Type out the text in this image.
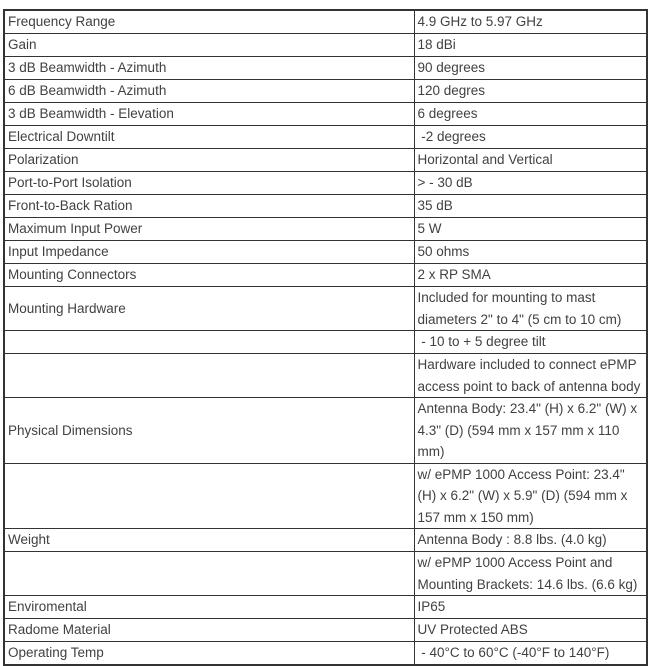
Frequency Range	4.9 GHz to 5.97 GHz
Gain	18 dBi
3 dB Beamwidth - Azimuth	90 degrees
6 dB Beamwidth - Azimuth	120 degres
3 dB Beamwidth - Elevation	6 degrees
Electrical Downtilt	-2 degrees
Polarization	Horizontal and Vertical
Port-to-Port Isolation	> - 30 dB
Front-to-Back Ration	35 dB
Maximum Input Power	5 W
Input Impedance	50 ohms
Mounting Connectors	2 x RP SMA
Mounting Hardware	Included for mounting to mast diameters 2" to 4" (5 cm to 10 cm)
	- 10 to + 5 degree tilt
	Hardware included to connect ePMP access point to back of antenna body
Physical Dimensions	Antenna Body: 23.4" (H) x 6.2" (W) x 4.3" (D) (594 mm x 157 mm x 110 mm)
	w/ ePMP 1000 Access Point: 23.4" (H) x 6.2" (W) x 5.9" (D) (594 mm x 157 mm x 150 mm)
Weight	Antenna Body : 8.8 lbs. (4.0 kg)
	w/ ePMP 1000 Access Point and Mounting Brackets: 14.6 lbs. (6.6 kg)
Enviromental	IP65
Radome Material	UV Protected ABS
Operating Temp	- 40°C to 60°C (-40°F to 140°F)
